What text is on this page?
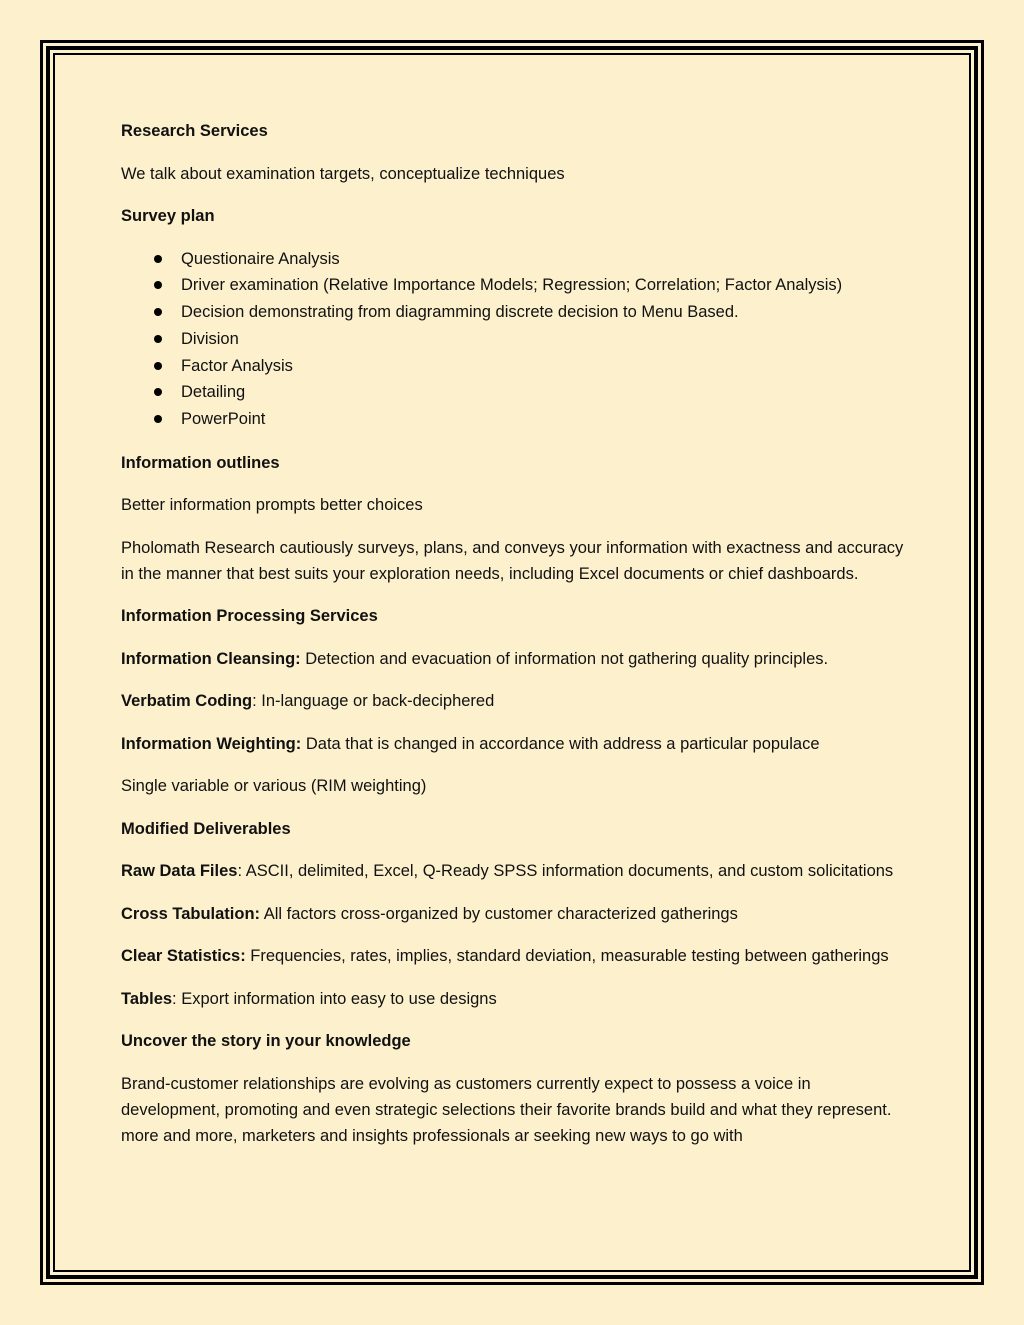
Research Services

We talk about examination targets, conceptualize techniques

Survey plan

Questionaire Analysis
Driver examination (Relative Importance Models; Regression; Correlation; Factor Analysis)
Decision demonstrating from diagramming discrete decision to Menu Based.
Division
Factor Analysis
Detailing
PowerPoint

Information outlines

Better information prompts better choices

Pholomath Research cautiously surveys, plans, and conveys your information with exactness and accuracy in the manner that best suits your exploration needs, including Excel documents or chief dashboards.

Information Processing Services

Information Cleansing: Detection and evacuation of information not gathering quality principles.

Verbatim Coding: In-language or back-deciphered

Information Weighting: Data that is changed in accordance with address a particular populace

Single variable or various (RIM weighting)

Modified Deliverables

Raw Data Files: ASCII, delimited, Excel, Q-Ready SPSS information documents, and custom solicitations

Cross Tabulation: All factors cross-organized by customer characterized gatherings

Clear Statistics: Frequencies, rates, implies, standard deviation, measurable testing between gatherings

Tables: Export information into easy to use designs

Uncover the story in your knowledge

Brand-customer relationships are evolving as customers currently expect to possess a voice in development, promoting and even strategic selections their favorite brands build and what they represent. more and more, marketers and insights professionals ar seeking new ways to go with
